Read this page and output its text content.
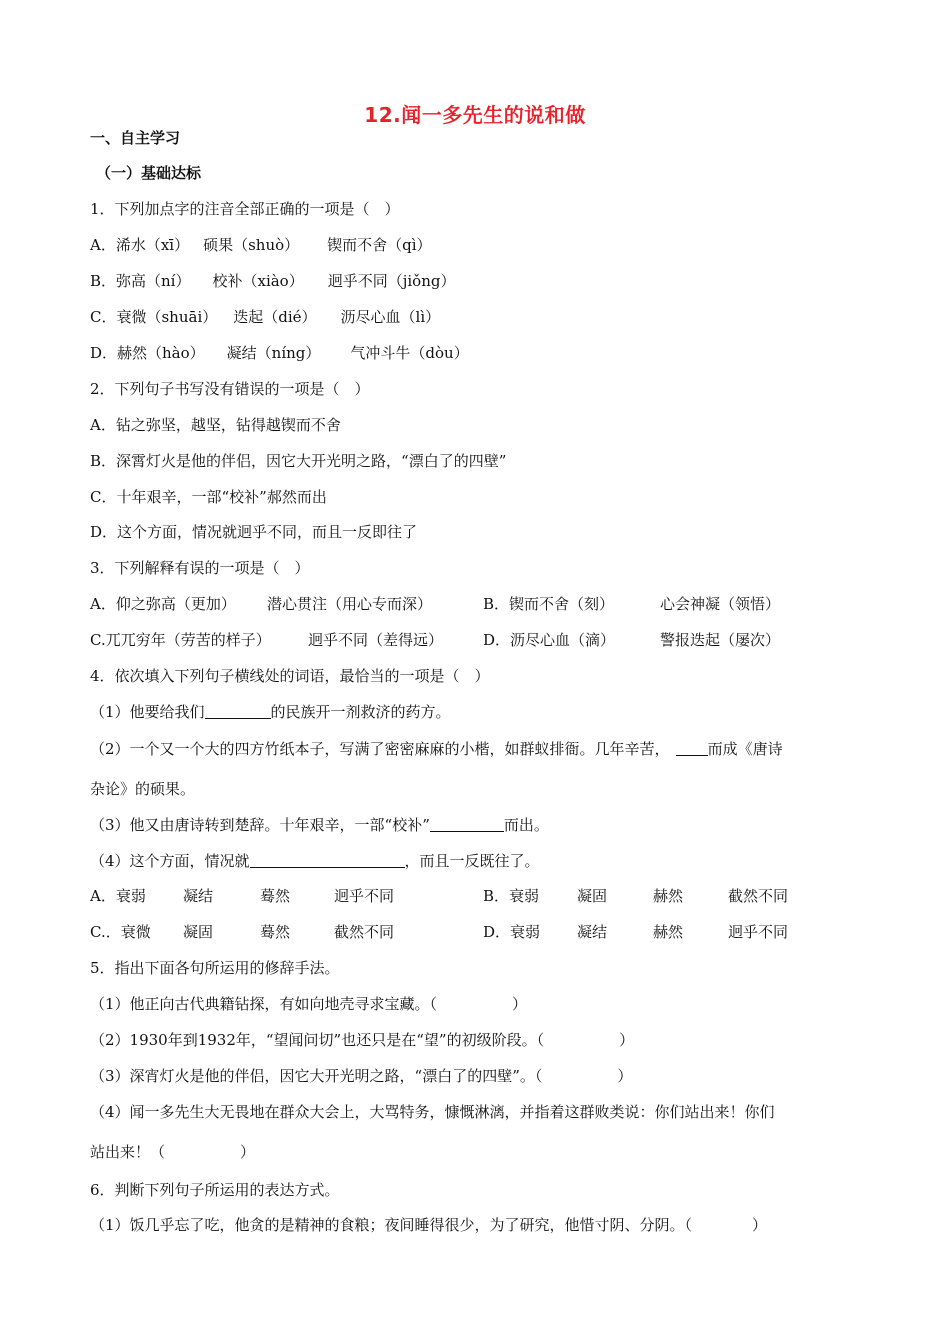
12.闻一多先生的说和做
一、自主学习
（一）基础达标
1．下列加点字的注音全部正确的一项是（　）
A．浠水（xī） 硕果（shuò） 锲而不舍（qì）
B．弥高（ní） 校补（xiào） 迥乎不同（jiǒng）
C．衰微（shuāi） 迭起（dié） 沥尽心血（lì）
D．赫然（hào） 凝结（níng） 气冲斗牛（dòu）
2．下列句子书写没有错误的一项是（　）
A．钻之弥坚，越坚，钻得越锲而不舍
B．深霄灯火是他的伴侣，因它大开光明之路，“漂白了的四壁”
C．十年艰辛，一部“校补”郝然而出
D．这个方面，情况就迥乎不同，而且一反即往了
3．下列解释有误的一项是（　）
A．仰之弥高（更加） 潜心贯注（用心专而深）	B．锲而不舍（刻）	心会神凝（领悟）
C.兀兀穷年（劳苦的样子） 迥乎不同（差得远）	D．沥尽心血（滴）	警报迭起（屡次）
4．依次填入下列句子横线处的词语，最恰当的一项是（　）
（1）他要给我们	的民族开一剂救济的药方。
（2）一个又一个大的四方竹纸本子，写满了密密麻麻的小楷，如群蚁排衙。几年辛苦，	而成《唐诗
杂论》的硕果。
（3）他又由唐诗转到楚辞。十年艰辛，一部“校补”	而出。
（4）这个方面，情况就	，而且一反既往了。
A．衰弱 凝结	蓦然	迥乎不同	B．衰弱	凝固	赫然	截然不同
C.．衰微 凝固	蓦然	截然不同	D．衰弱 凝结	赫然	迥乎不同
5．指出下面各句所运用的修辞手法。
（1）他正向古代典籍钻探，有如向地壳寻求宝藏。（　　　　　）
（2）1930年到1932年，“望闻问切”也还只是在“望”的初级阶段。（　　　　　）
（3）深宵灯火是他的伴侣，因它大开光明之路，“漂白了的四壁”。（　　　　　）
（4）闻一多先生大无畏地在群众大会上，大骂特务，慷慨淋漓，并指着这群败类说：你们站出来！你们
站出来！（　　　　　）
6．判断下列句子所运用的表达方式。
（1）饭几乎忘了吃，他贪的是精神的食粮；夜间睡得很少，为了研究，他惜寸阴、分阴。（　　　　）
